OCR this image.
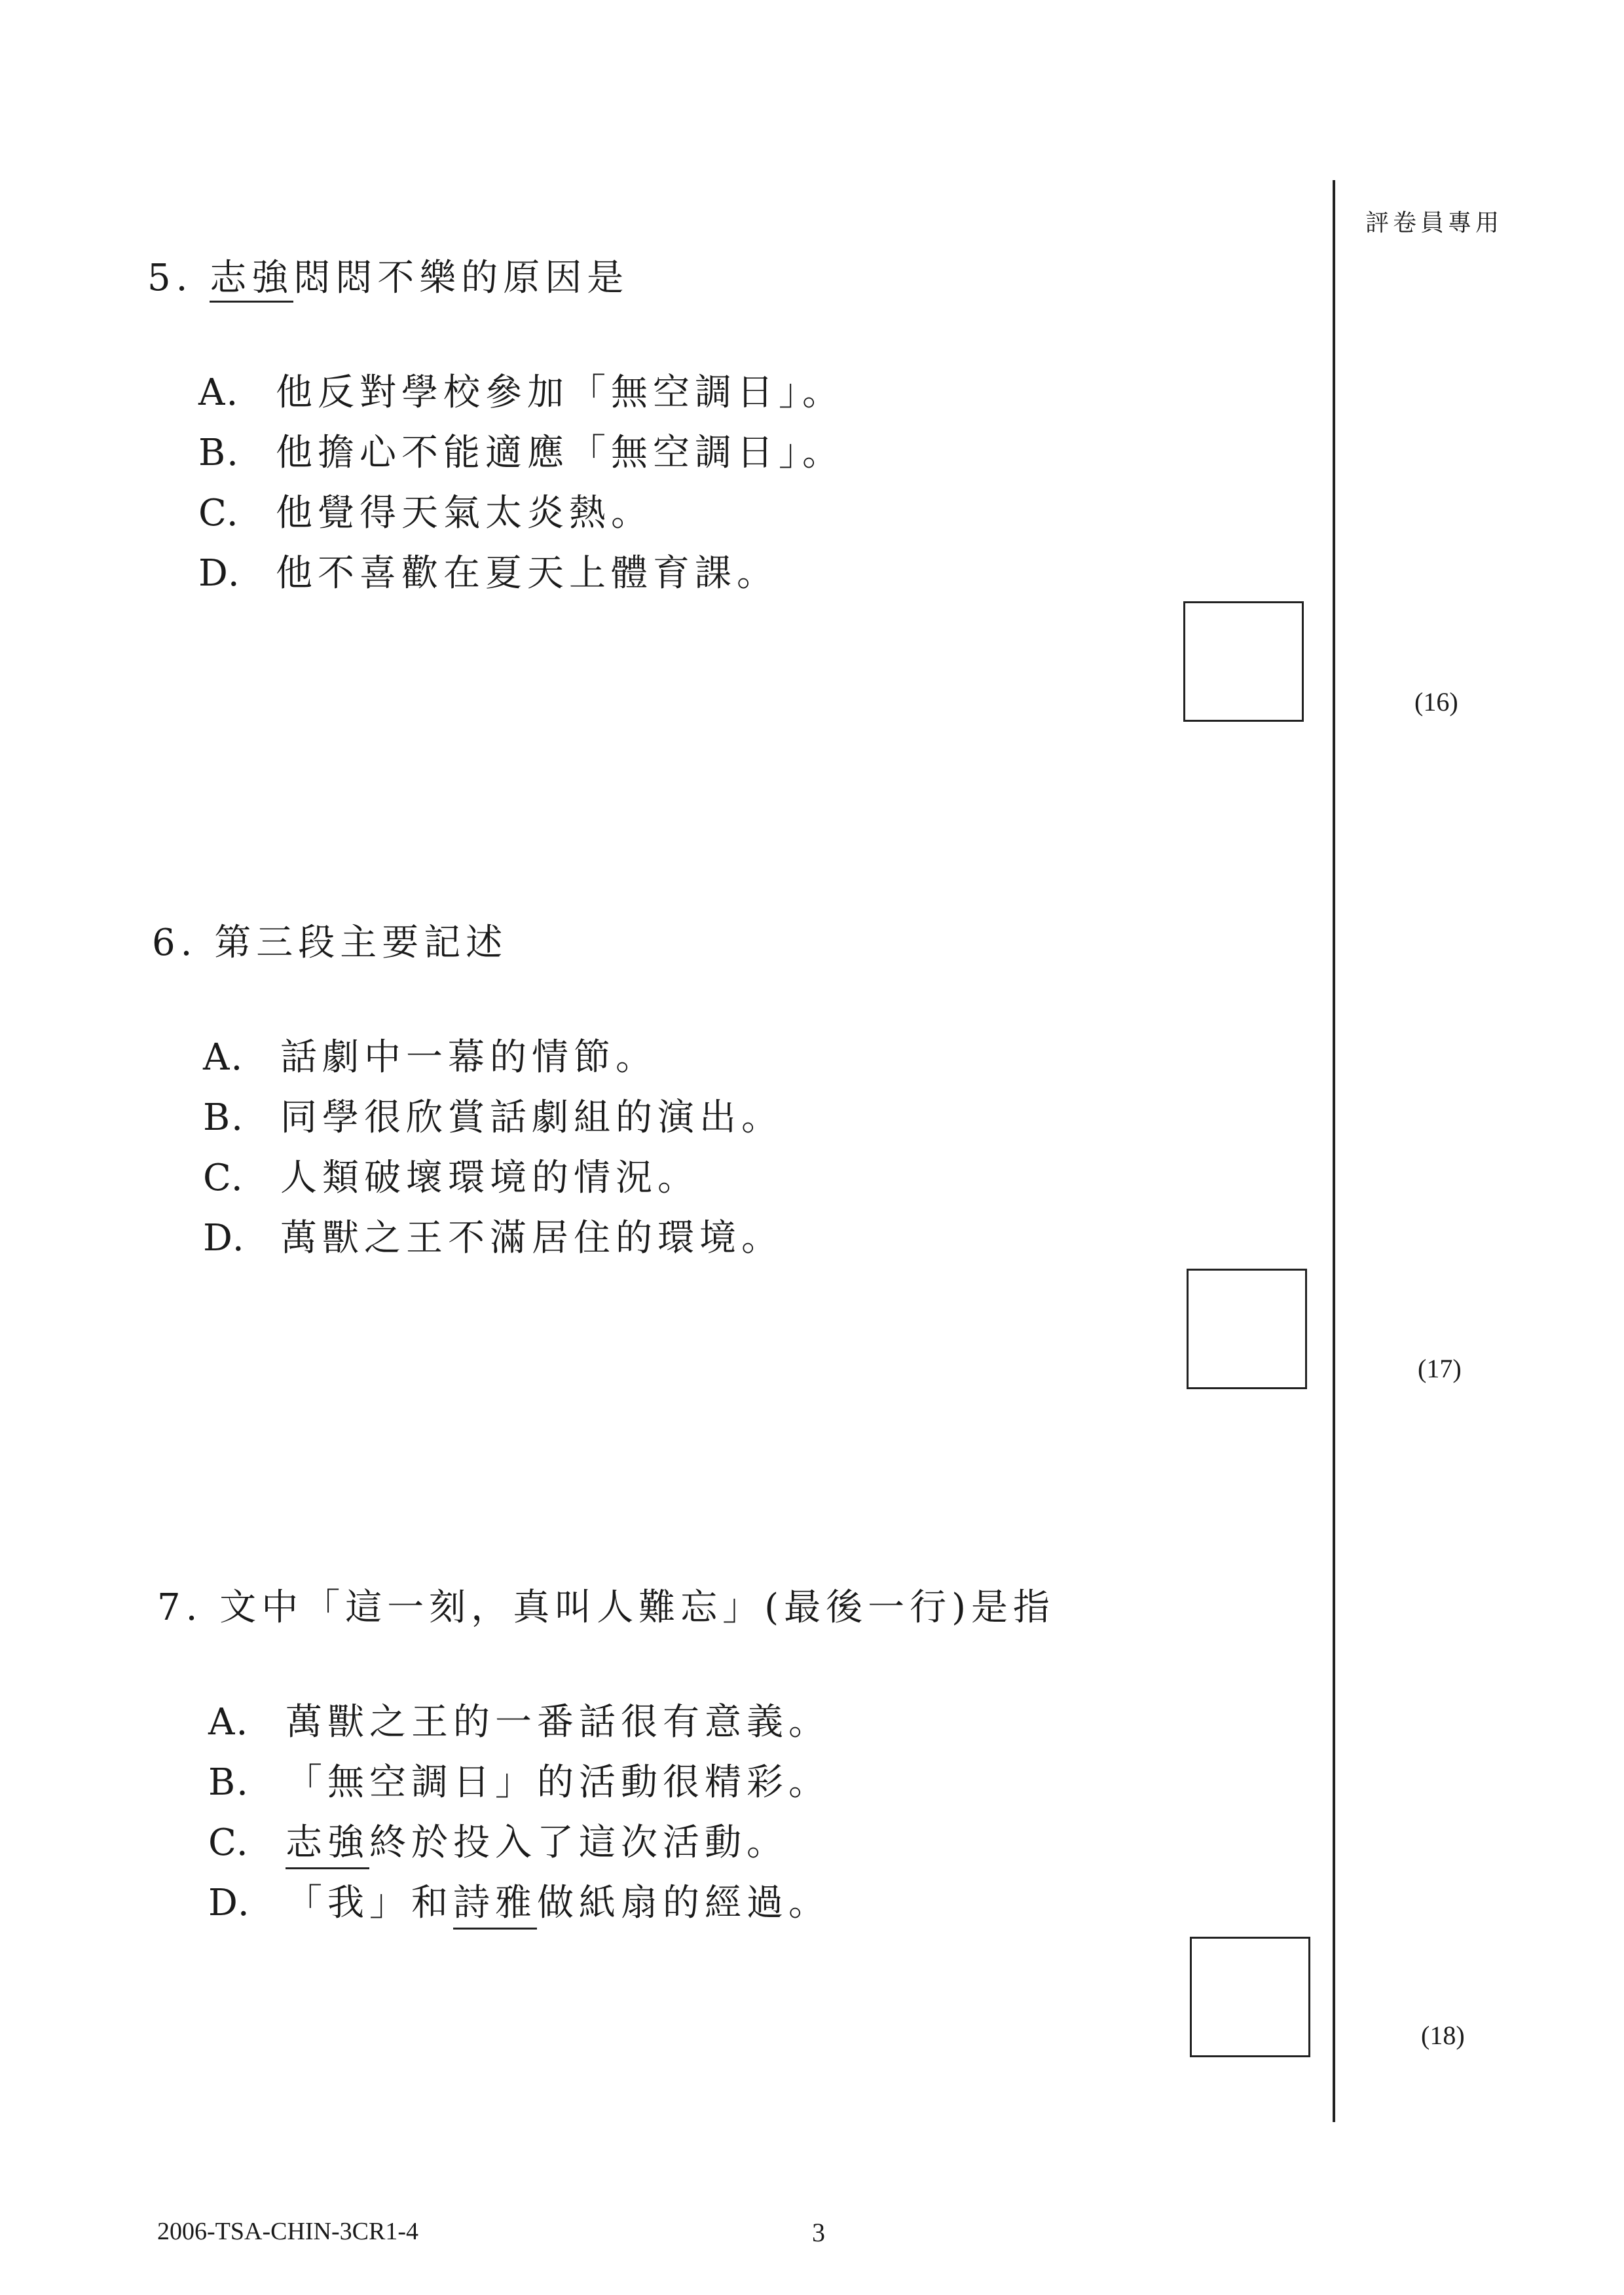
評卷員專用
5. 志強悶悶不樂的原因是
A. 他反對學校參加「無空調日」。
B. 他擔心不能適應「無空調日」。
C. 他覺得天氣太炎熱。
D. 他不喜歡在夏天上體育課。
(16)
6. 第三段主要記述
A. 話劇中一幕的情節。
B. 同學很欣賞話劇組的演出。
C. 人類破壞環境的情況。
D. 萬獸之王不滿居住的環境。
(17)
7. 文中「這一刻，真叫人難忘」(最後一行)是指
A. 萬獸之王的一番話很有意義。
B. 「無空調日」的活動很精彩。
C. 志強 終於投入了這次活動。
D. 「我」和 詩雅 做紙扇的經過。
(18)
2006-TSA-CHIN-3CR1-4	3
